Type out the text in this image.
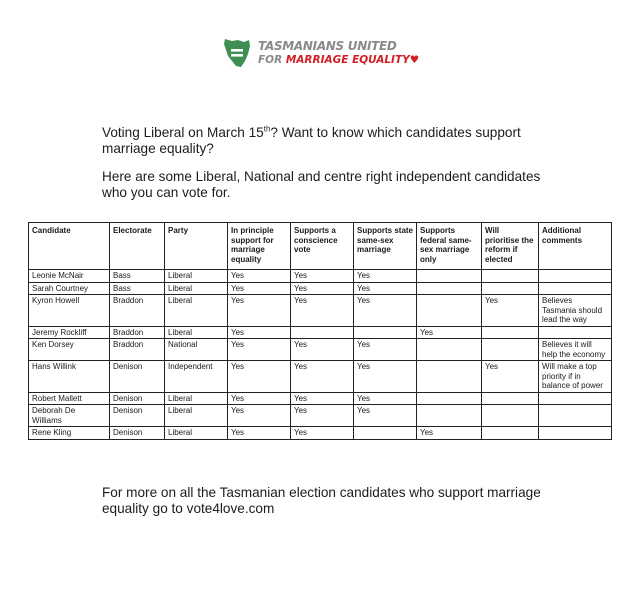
TASMANIANS UNITED
FOR MARRIAGE EQUALITY♥
Voting Liberal on March 15th? Want to know which candidates support marriage equality?
Here are some Liberal, National and centre right independent candidates who you can vote for.
Candidate	Electorate	Party	In principle support for marriage equality	Supports a conscience vote	Supports state same-sex marriage	Supports federal same-sex marriage only	Will prioritise the reform if elected	Additional comments
Leonie McNair	Bass	Liberal	Yes	Yes	Yes			
Sarah Courtney	Bass	Liberal	Yes	Yes	Yes			
Kyron Howell	Braddon	Liberal	Yes	Yes	Yes		Yes	Believes Tasmania should lead the way
Jeremy Rockliff	Braddon	Liberal	Yes			Yes		
Ken Dorsey	Braddon	National	Yes	Yes	Yes			Believes it will help the economy
Hans Willink	Denison	Independent	Yes	Yes	Yes		Yes	Will make a top priority if in balance of power
Robert Mallett	Denison	Liberal	Yes	Yes	Yes			
Deborah De Williams	Denison	Liberal	Yes	Yes	Yes			
Rene Kling	Denison	Liberal	Yes	Yes		Yes		
For more on all the Tasmanian election candidates who support marriage equality go to vote4love.com
